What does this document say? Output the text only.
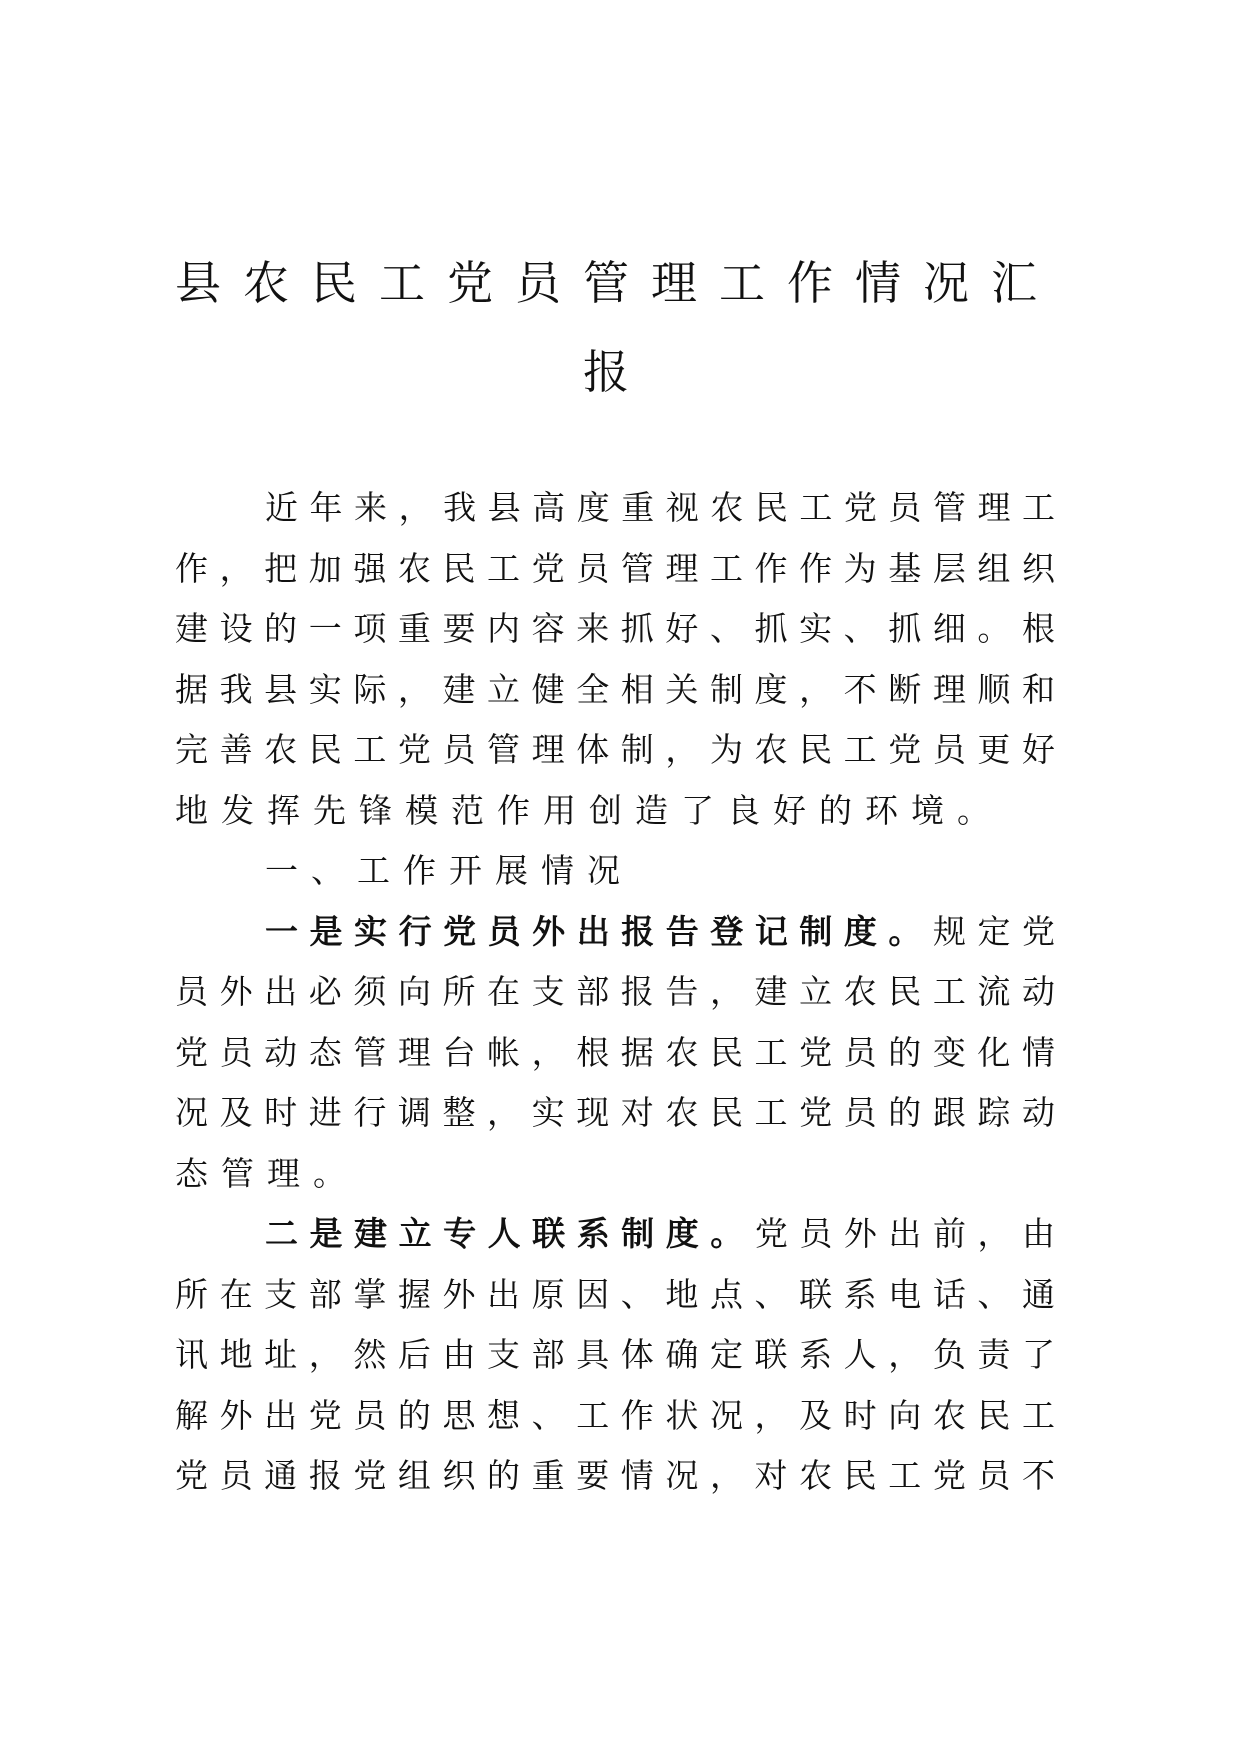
县农民工党员管理工作情况汇
报
近年来，我县高度重视农民工党员管理工
作，把加强农民工党员管理工作作为基层组织
建设的一项重要内容来抓好、抓实、抓细。根
据我县实际，建立健全相关制度，不断理顺和
完善农民工党员管理体制，为农民工党员更好
地发挥先锋模范作用创造了良好的环境。
一、工作开展情况
一是实行党员外出报告登记制度。规定党
员外出必须向所在支部报告，建立农民工流动
党员动态管理台帐，根据农民工党员的变化情
况及时进行调整，实现对农民工党员的跟踪动
态管理。
二是建立专人联系制度。党员外出前，由
所在支部掌握外出原因、地点、联系电话、通
讯地址，然后由支部具体确定联系人，负责了
解外出党员的思想、工作状况，及时向农民工
党员通报党组织的重要情况，对农民工党员不
